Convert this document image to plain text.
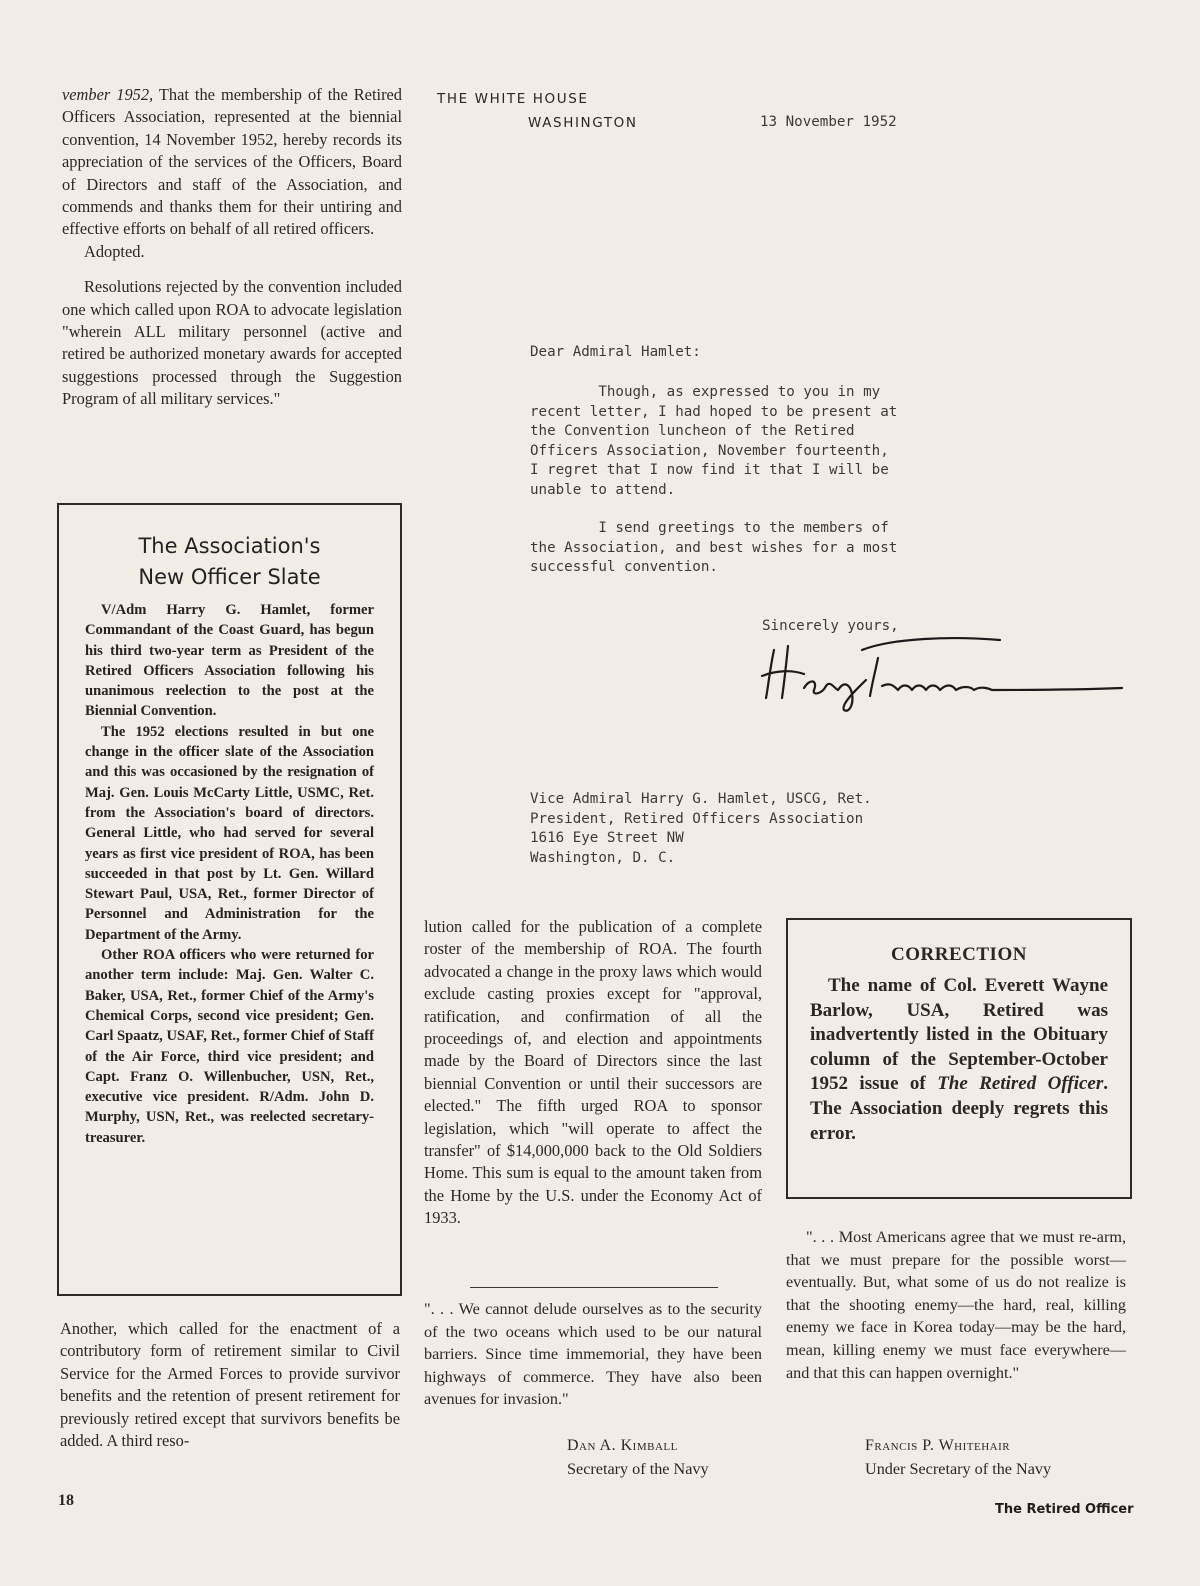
vember 1952, That the membership of the Retired Officers Association, represented at the biennial convention, 14 November 1952, hereby records its appreciation of the services of the Officers, Board of Directors and staff of the Association, and commends and thanks them for their untiring and effective efforts on behalf of all retired officers.

Adopted.

Resolutions rejected by the convention included one which called upon ROA to advocate legislation "wherein ALL military personnel (active and retired be authorized monetary awards for accepted suggestions processed through the Suggestion Program of all military services."

The Association's
New Officer Slate

V/Adm Harry G. Hamlet, former Commandant of the Coast Guard, has begun his third two-year term as President of the Retired Officers Association following his unanimous reelection to the post at the Biennial Convention.

The 1952 elections resulted in but one change in the officer slate of the Association and this was occasioned by the resignation of Maj. Gen. Louis McCarty Little, USMC, Ret. from the Association's board of directors. General Little, who had served for several years as first vice president of ROA, has been succeeded in that post by Lt. Gen. Willard Stewart Paul, USA, Ret., former Director of Personnel and Administration for the Department of the Army.

Other ROA officers who were returned for another term include: Maj. Gen. Walter C. Baker, USA, Ret., former Chief of the Army's Chemical Corps, second vice president; Gen. Carl Spaatz, USAF, Ret., former Chief of Staff of the Air Force, third vice president; and Capt. Franz O. Willenbucher, USN, Ret., executive vice president. R/Adm. John D. Murphy, USN, Ret., was reelected secretary-treasurer.

Another, which called for the enactment of a contributory form of retirement similar to Civil Service for the Armed Forces to provide survivor benefits and the retention of present retirement for previously retired except that survivors benefits be added. A third reso-

THE WHITE HOUSE
WASHINGTON	13 November 1952
Dear Admiral Hamlet:
Though, as expressed to you in my
recent letter, I had hoped to be present at
the Convention luncheon of the Retired
Officers Association, November fourteenth,
I regret that I now find it that I will be
unable to attend.
I send greetings to the members of
the Association, and best wishes for a most
successful convention.
Sincerely yours,
Vice Admiral Harry G. Hamlet, USCG, Ret.
President, Retired Officers Association
1616 Eye Street NW
Washington, D. C.

lution called for the publication of a complete roster of the membership of ROA. The fourth advocated a change in the proxy laws which would exclude casting proxies except for "approval, ratification, and confirmation of all the proceedings of, and election and appointments made by the Board of Directors since the last biennial Convention or until their successors are elected." The fifth urged ROA to sponsor legislation, which "will operate to affect the transfer" of $14,000,000 back to the Old Soldiers Home. This sum is equal to the amount taken from the Home by the U.S. under the Economy Act of 1933.

". . . We cannot delude ourselves as to the security of the two oceans which used to be our natural barriers. Since time immemorial, they have been highways of commerce. They have also been avenues for invasion."

Dan A. Kimball
Secretary of the Navy
CORRECTION

The name of Col. Everett Wayne Barlow, USA, Retired was inadvertently listed in the Obituary column of the September-October 1952 issue of The Retired Officer. The Association deeply regrets this error.

". . . Most Americans agree that we must re-arm, that we must prepare for the possible worst—eventually. But, what some of us do not realize is that the shooting enemy—the hard, real, killing enemy we face in Korea today—may be the hard, mean, killing enemy we must face everywhere—and that this can happen overnight."

Francis P. Whitehair
Under Secretary of the Navy
18
The Retired Officer
